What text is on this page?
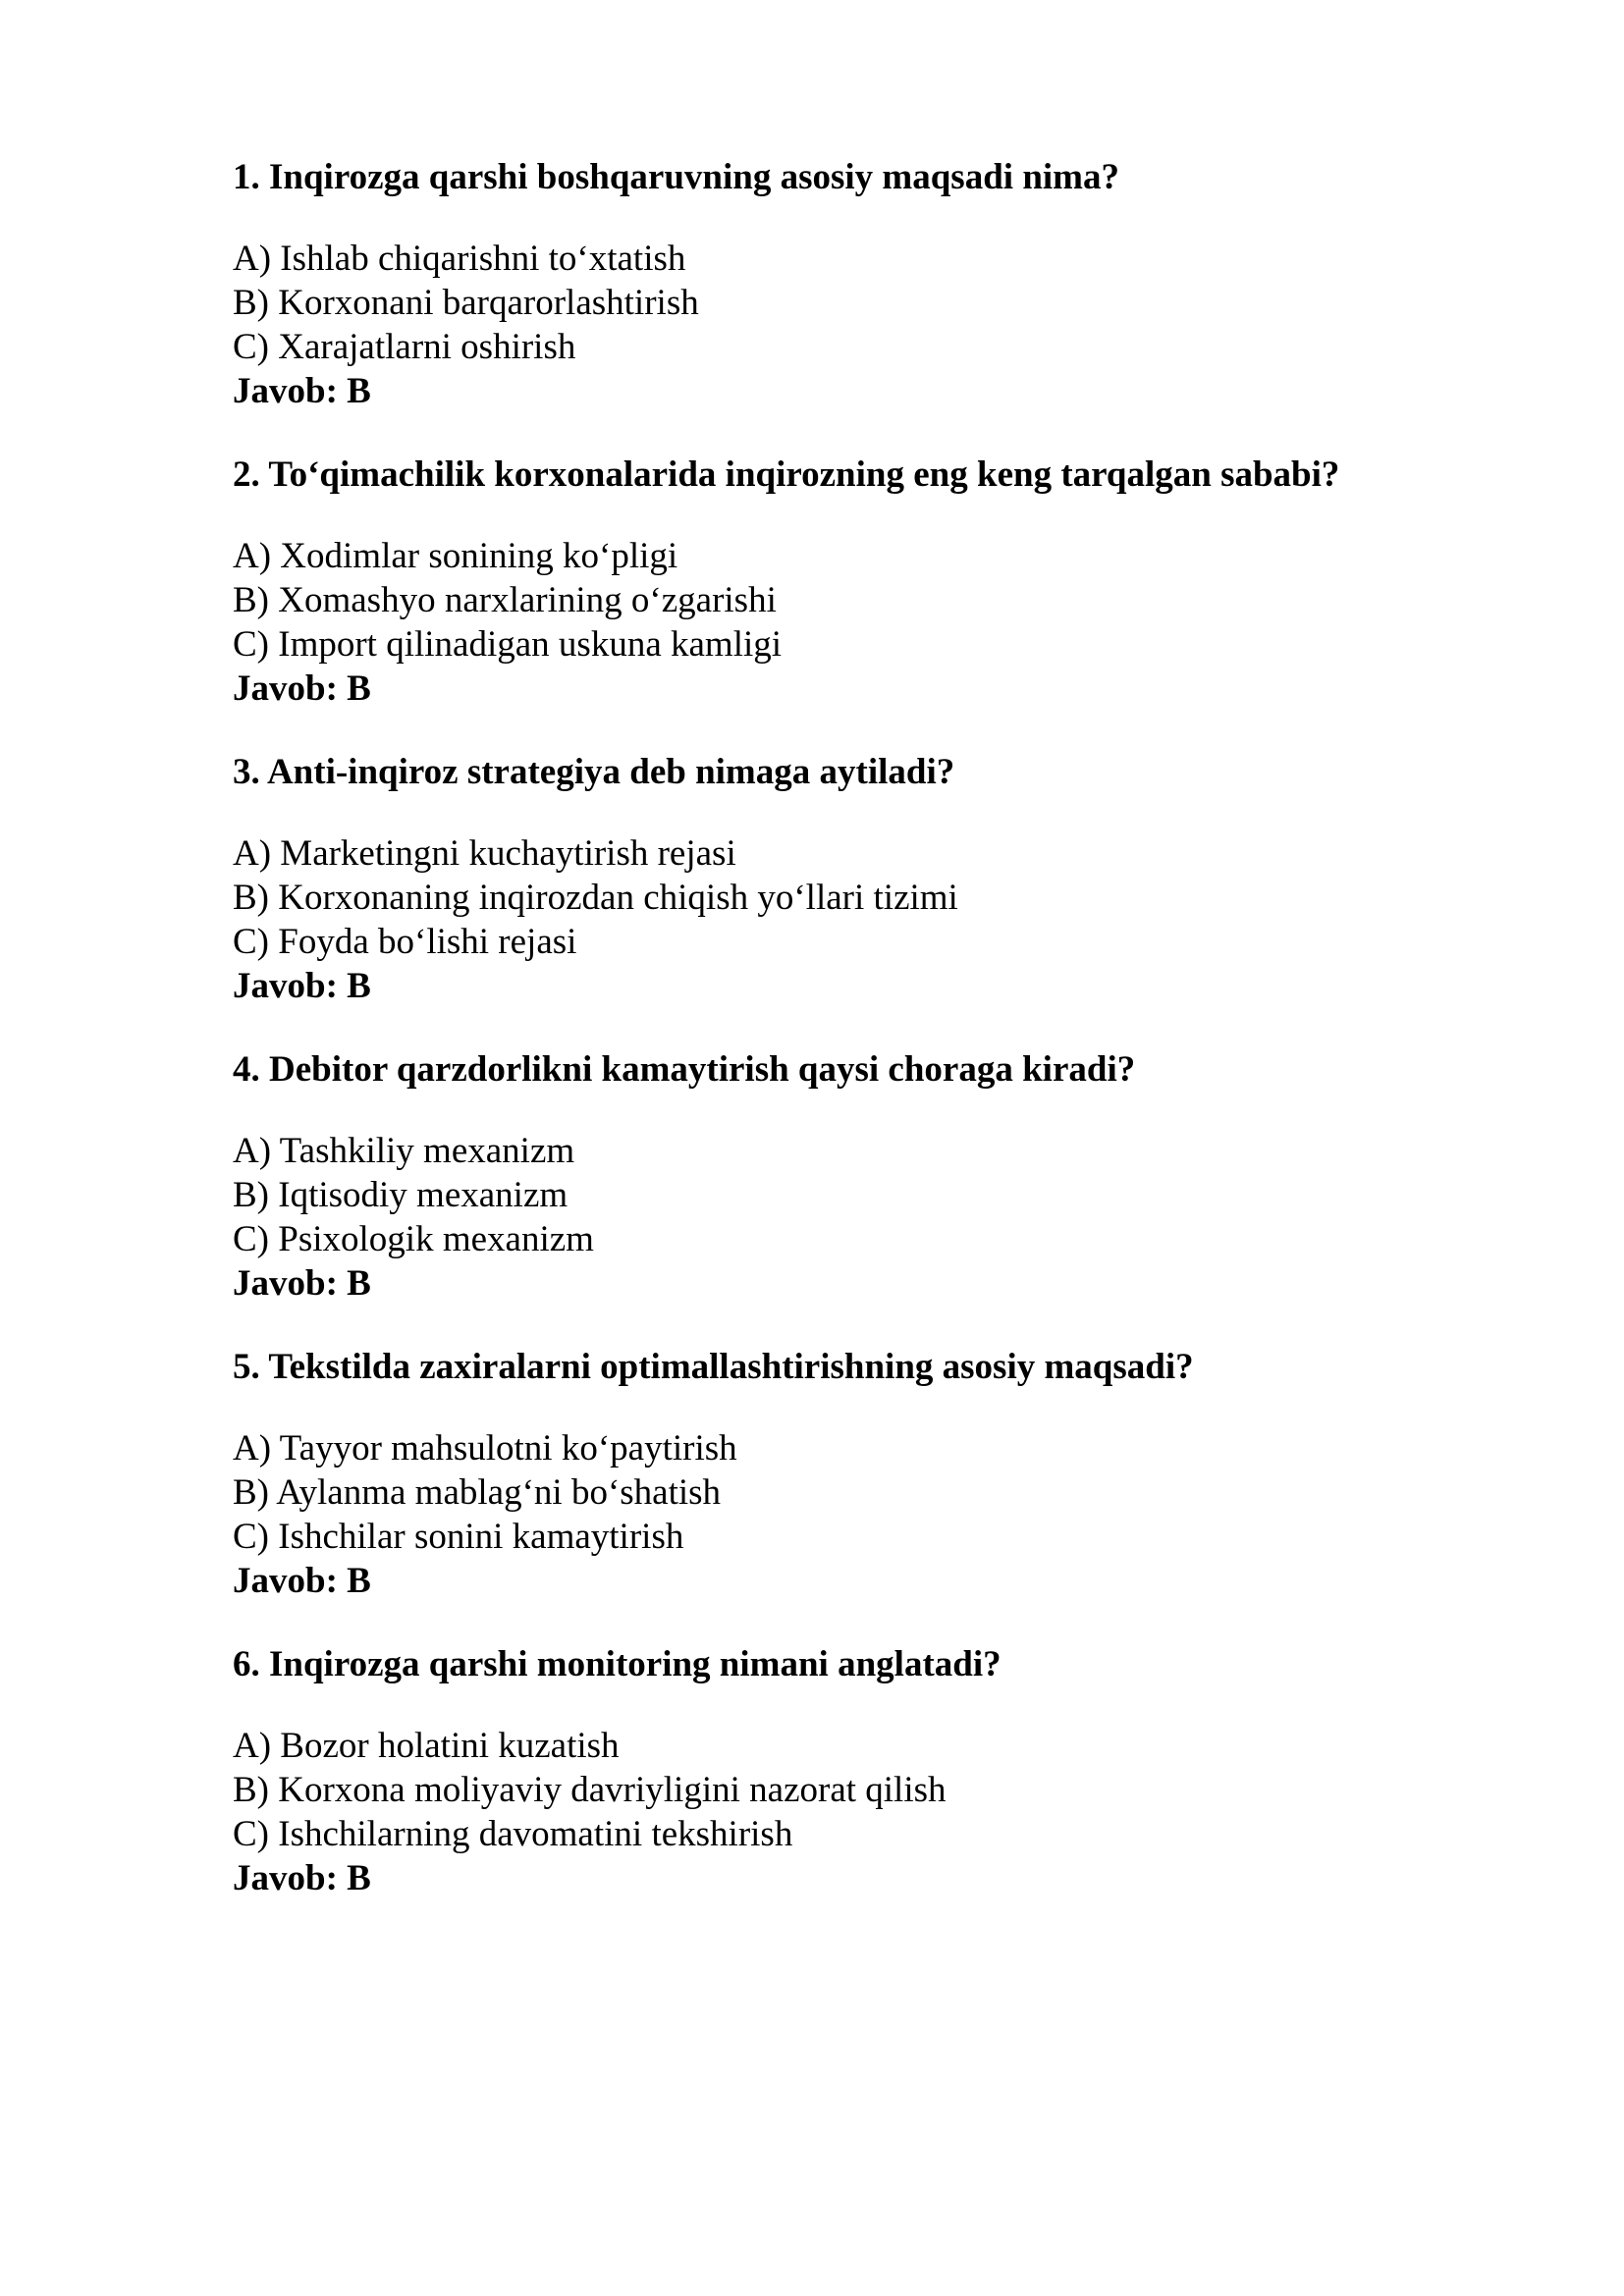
1. Inqirozga qarshi boshqaruvning asosiy maqsadi nima?

A) Ishlab chiqarishni to‘xtatish

B) Korxonani barqarorlashtirish

C) Xarajatlarni oshirish

Javob: B

2. To‘qimachilik korxonalarida inqirozning eng keng tarqalgan sababi?

A) Xodimlar sonining ko‘pligi

B) Xomashyo narxlarining o‘zgarishi

C) Import qilinadigan uskuna kamligi

Javob: B

3. Anti-inqiroz strategiya deb nimaga aytiladi?

A) Marketingni kuchaytirish rejasi

B) Korxonaning inqirozdan chiqish yo‘llari tizimi

C) Foyda bo‘lishi rejasi

Javob: B

4. Debitor qarzdorlikni kamaytirish qaysi choraga kiradi?

A) Tashkiliy mexanizm

B) Iqtisodiy mexanizm

C) Psixologik mexanizm

Javob: B

5. Tekstilda zaxiralarni optimallashtirishning asosiy maqsadi?

A) Tayyor mahsulotni ko‘paytirish

B) Aylanma mablag‘ni bo‘shatish

C) Ishchilar sonini kamaytirish

Javob: B

6. Inqirozga qarshi monitoring nimani anglatadi?

A) Bozor holatini kuzatish

B) Korxona moliyaviy davriyligini nazorat qilish

C) Ishchilarning davomatini tekshirish

Javob: B
